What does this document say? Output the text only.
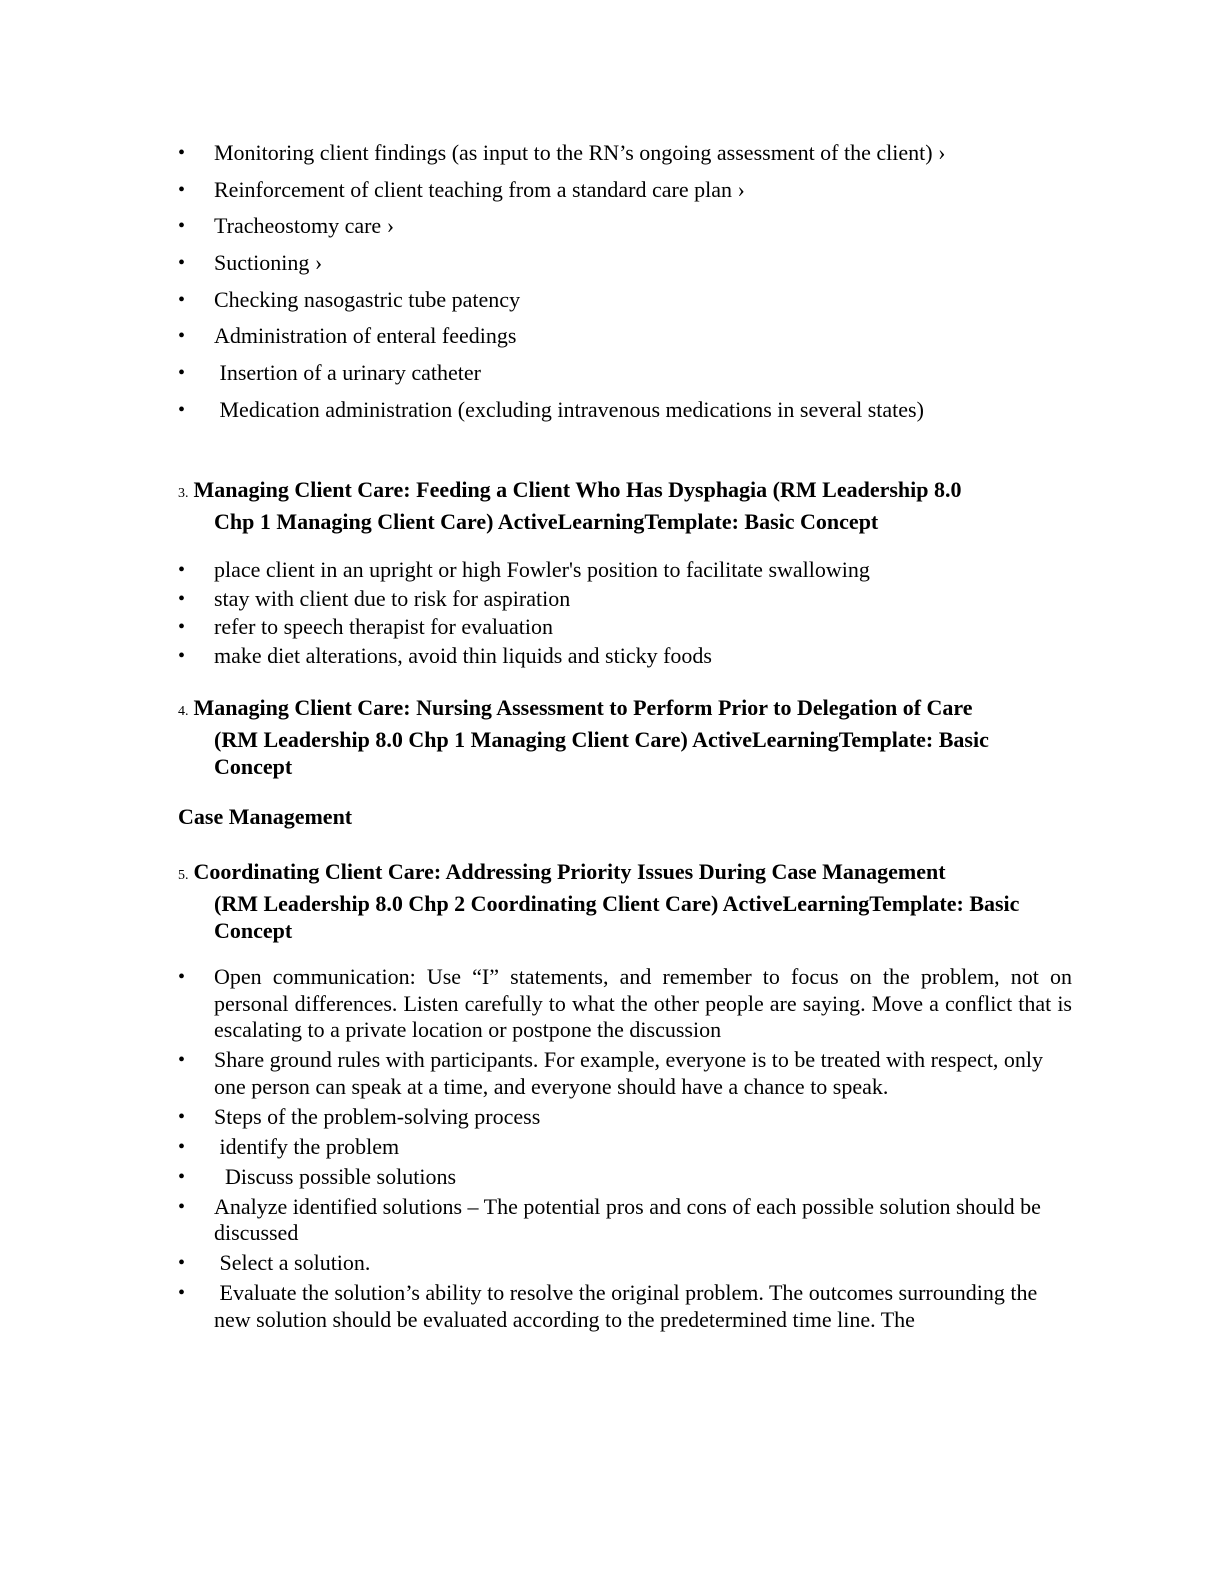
• Monitoring client findings (as input to the RN’s ongoing assessment of the client) ›
• Reinforcement of client teaching from a standard care plan ›
• Tracheostomy care ›
• Suctioning ›
• Checking nasogastric tube patency
• Administration of enteral feedings
•  Insertion of a urinary catheter
•  Medication administration (excluding intravenous medications in several states)
3. Managing Client Care: Feeding a Client Who Has Dysphagia (RM Leadership 8.0
Chp 1 Managing Client Care) ActiveLearningTemplate: Basic Concept
• place client in an upright or high Fowler's position to facilitate swallowing
• stay with client due to risk for aspiration
• refer to speech therapist for evaluation
• make diet alterations, avoid thin liquids and sticky foods
4. Managing Client Care: Nursing Assessment to Perform Prior to Delegation of Care
(RM Leadership 8.0 Chp 1 Managing Client Care) ActiveLearningTemplate: Basic Concept
Case Management
5. Coordinating Client Care: Addressing Priority Issues During Case Management
(RM Leadership 8.0 Chp 2 Coordinating Client Care) ActiveLearningTemplate: Basic Concept
• Open communication: Use “I” statements, and remember to focus on the problem, not on personal differences. Listen carefully to what the other people are saying. Move a conflict that is escalating to a private location or postpone the discussion
• Share ground rules with participants. For example, everyone is to be treated with respect, only one person can speak at a time, and everyone should have a chance to speak.
• Steps of the problem-solving process
•  identify the problem
•   Discuss possible solutions
• Analyze identified solutions – The potential pros and cons of each possible solution should be discussed
•  Select a solution.
•  Evaluate the solution’s ability to resolve the original problem. The outcomes surrounding the new solution should be evaluated according to the predetermined time line. The
